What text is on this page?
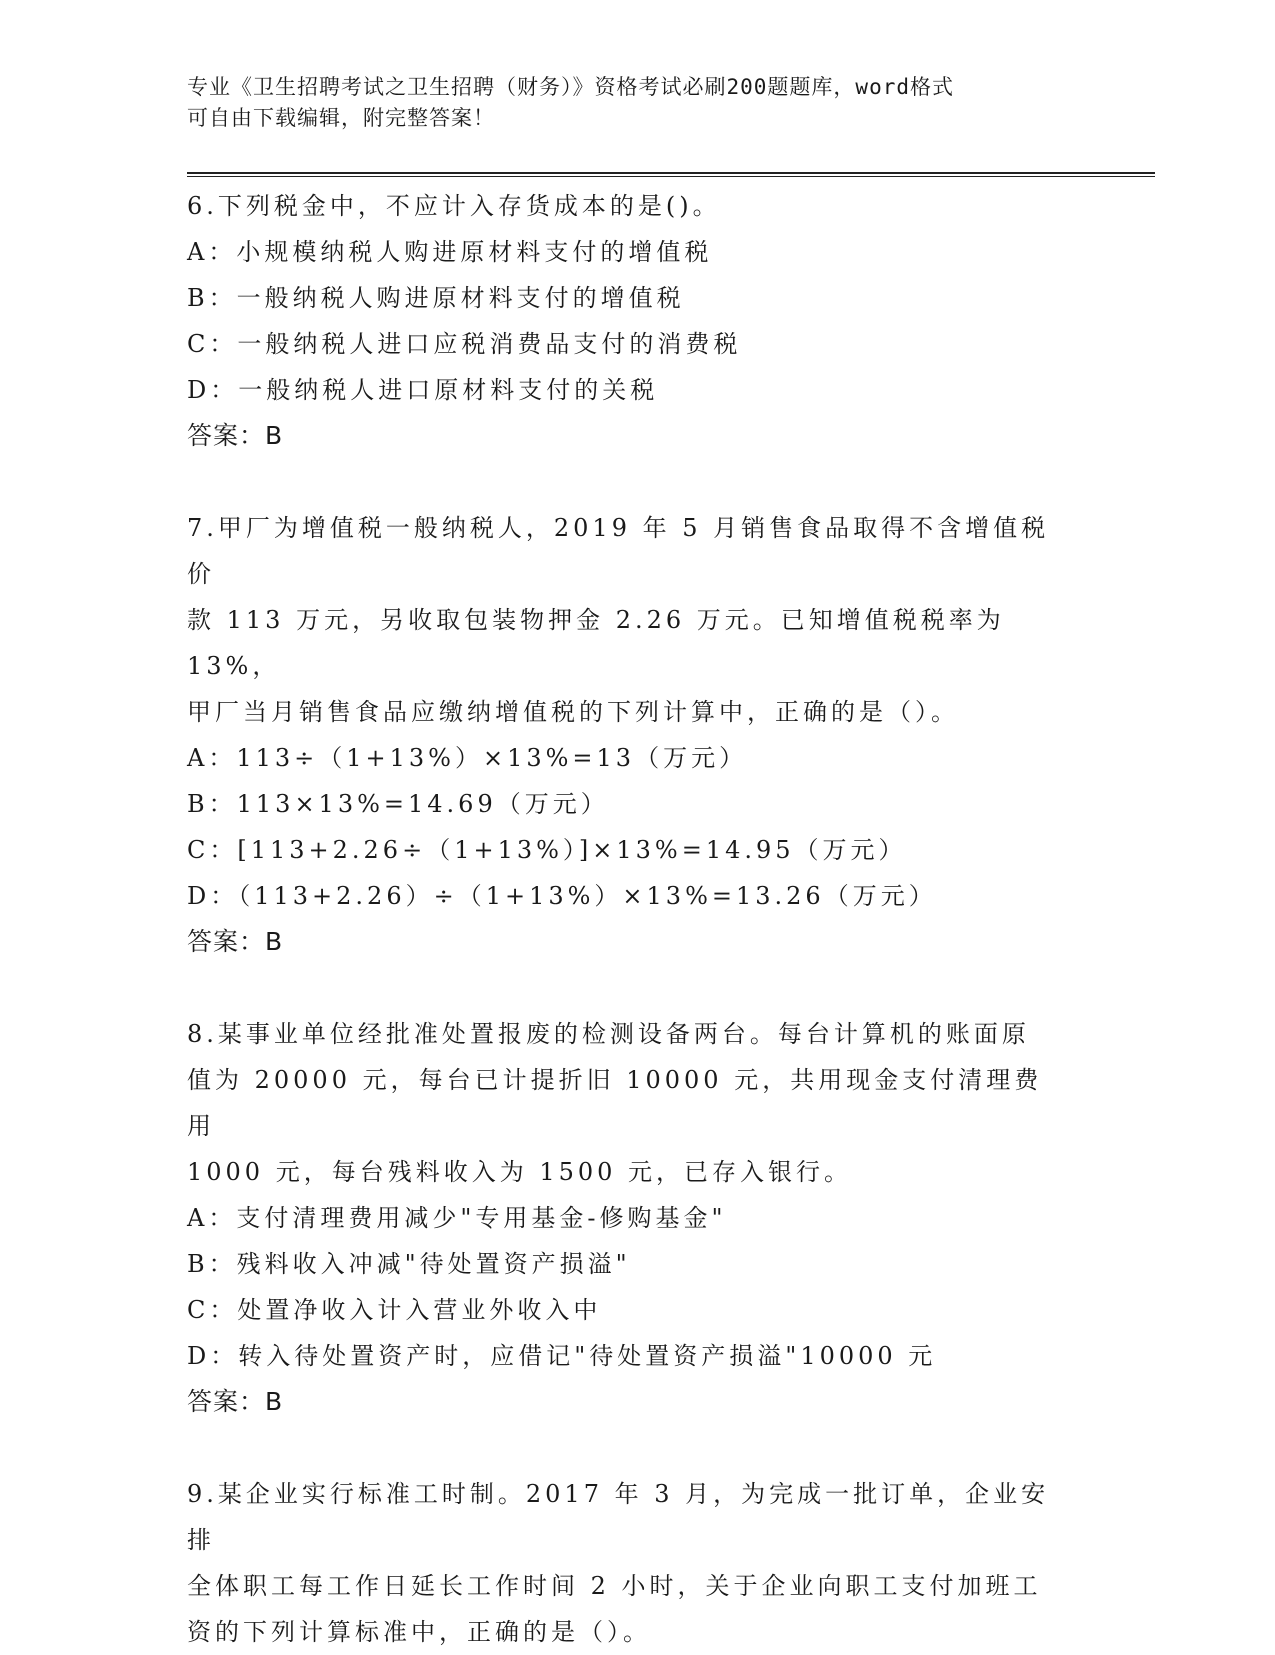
专业《卫生招聘考试之卫生招聘（财务）》资格考试必刷200题题库，word格式
可自由下载编辑，附完整答案！

6.下列税金中，不应计入存货成本的是()。

A：小规模纳税人购进原材料支付的增值税

B：一般纳税人购进原材料支付的增值税

C：一般纳税人进口应税消费品支付的消费税

D：一般纳税人进口原材料支付的关税

答案：B

7.甲厂为增值税一般纳税人，2019 年 5 月销售食品取得不含增值税价

款 113 万元，另收取包装物押金 2.26 万元。已知增值税税率为 13%，

甲厂当月销售食品应缴纳增值税的下列计算中，正确的是（）。

A：113÷（1+13%）×13%=13（万元）

B：113×13%=14.69（万元）

C：[113+2.26÷（1+13%）]×13%=14.95（万元）

D：（113+2.26）÷（1+13%）×13%=13.26（万元）

答案：B

8.某事业单位经批准处置报废的检测设备两台。每台计算机的账面原

值为 20000 元，每台已计提折旧 10000 元，共用现金支付清理费用

1000 元，每台残料收入为 1500 元，已存入银行。

A：支付清理费用减少"专用基金-修购基金"

B：残料收入冲减"待处置资产损溢"

C：处置净收入计入营业外收入中

D：转入待处置资产时，应借记"待处置资产损溢"10000 元

答案：B

9.某企业实行标准工时制。2017 年 3 月，为完成一批订单，企业安排

全体职工每工作日延长工作时间 2 小时，关于企业向职工支付加班工

资的下列计算标准中，正确的是（）。
